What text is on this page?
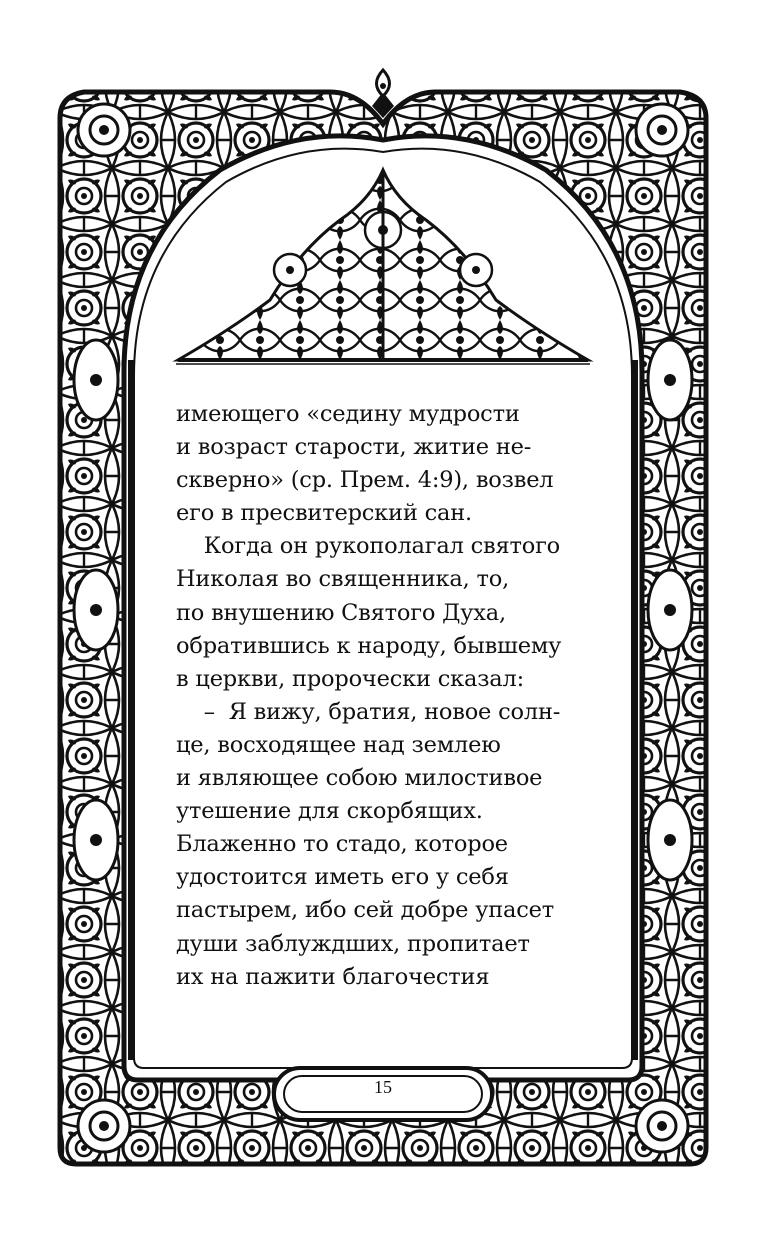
имеющего «седину мудрости
и возраст старости, житие не-
скверно» (ср. Прем. 4:9), возвел
его в пресвитерский сан.
Когда он рукополагал святого
Николая во священника, то,
по внушению Святого Духа,
обратившись к народу, бывшему
в церкви, пророчески сказал:
–  Я вижу, братия, новое солн-
це, восходящее над землею
и являющее собою милостивое
утешение для скорбящих.
Блаженно то стадо, которое
удостоится иметь его у себя
пастырем, ибо сей добре упасет
души заблуждших, пропитает
их на пажити благочестия
15
